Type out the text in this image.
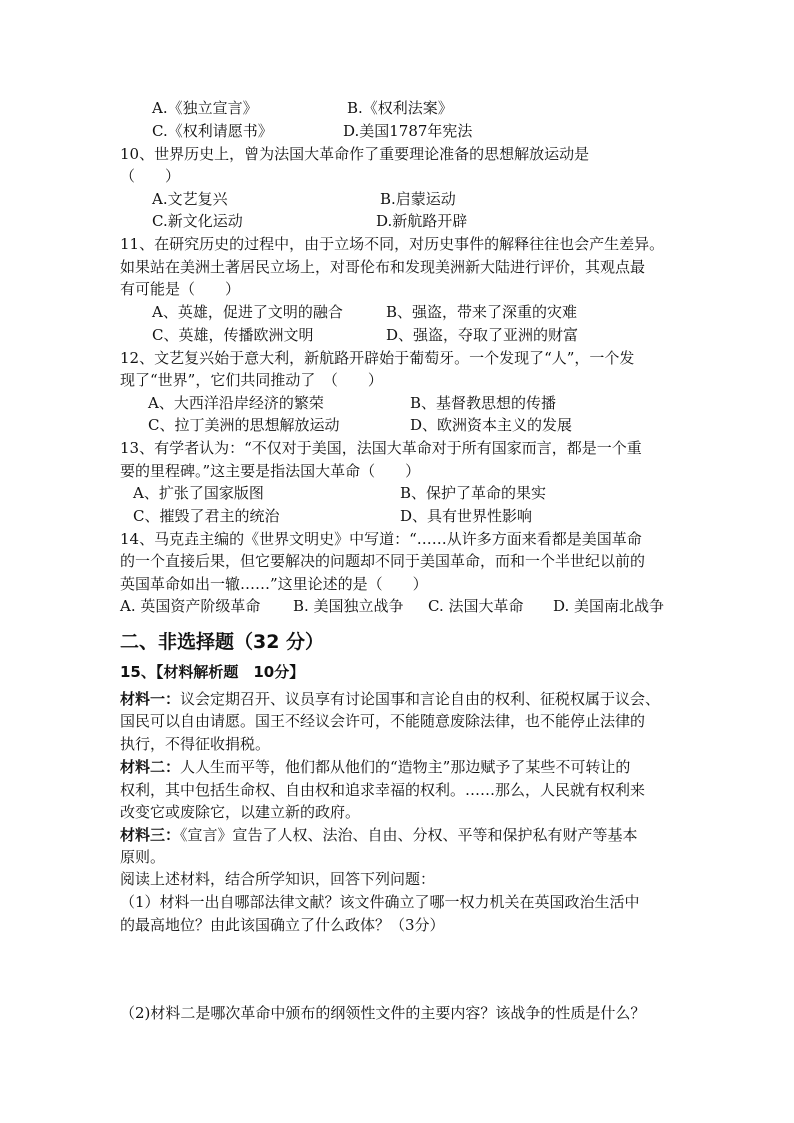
A.《独立宣言》	B.《权利法案》
C.《权利请愿书》	D.美国1787年宪法
10、世界历史上，曾为法国大革命作了重要理论准备的思想解放运动是
（　　）
A.文艺复兴	B.启蒙运动
C.新文化运动	D.新航路开辟
11、在研究历史的过程中，由于立场不同，对历史事件的解释往往也会产生差异。
如果站在美洲土著居民立场上，对哥伦布和发现美洲新大陆进行评价，其观点最
有可能是（　　）
A、英雄，促进了文明的融合	B、强盗，带来了深重的灾难
C、英雄，传播欧洲文明	D、强盗，夺取了亚洲的财富
12、文艺复兴始于意大利，新航路开辟始于葡萄牙。一个发现了“人”，一个发
现了“世界”，它们共同推动了　（　　）
A、大西洋沿岸经济的繁荣	B、基督教思想的传播
C、拉丁美洲的思想解放运动	D、欧洲资本主义的发展
13、有学者认为：“不仅对于美国，法国大革命对于所有国家而言，都是一个重
要的里程碑。”这主要是指法国大革命（　　）
A、扩张了国家版图	B、保护了革命的果实
C、摧毁了君主的统治	D、具有世界性影响
14、马克垚主编的《世界文明史》中写道：“……从许多方面来看都是美国革命
的一个直接后果，但它要解决的问题却不同于美国革命，而和一个半世纪以前的
英国革命如出一辙……”这里论述的是（　　）
A. 英国资产阶级革命 B. 美国独立战争 C. 法国大革命 D. 美国南北战争
二、非选择题（32 分）
15、【材料解析题　10分】
材料一：议会定期召开、议员享有讨论国事和言论自由的权利、征税权属于议会、
国民可以自由请愿。国王不经议会许可，不能随意废除法律，也不能停止法律的
执行，不得征收捐税。
材料二：人人生而平等，他们都从他们的“造物主”那边赋予了某些不可转让的
权利，其中包括生命权、自由权和追求幸福的权利。……那么，人民就有权利来
改变它或废除它，以建立新的政府。
材料三：《宣言》宣告了人权、法治、自由、分权、平等和保护私有财产等基本
原则。
阅读上述材料，结合所学知识，回答下列问题：
（1）材料一出自哪部法律文献？该文件确立了哪一权力机关在英国政治生活中
的最高地位？由此该国确立了什么政体？（3分）
（2)材料二是哪次革命中颁布的纲领性文件的主要内容？该战争的性质是什么？
